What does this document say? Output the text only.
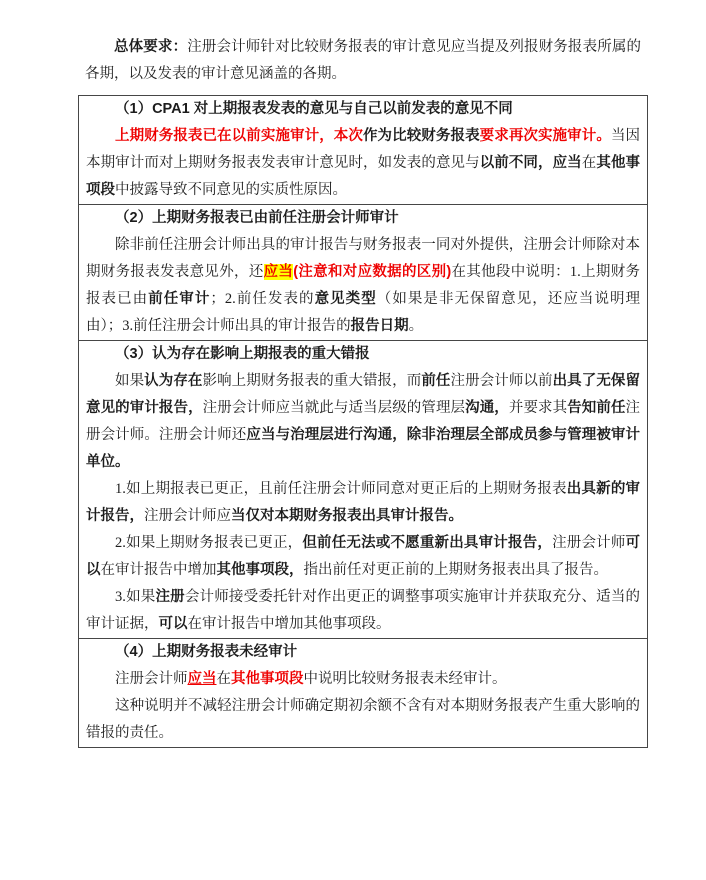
总体要求：注册会计师针对比较财务报表的审计意见应当提及列报财务报表所属的各期，以及发表的审计意见涵盖的各期。

（1）CPA1 对上期报表发表的意见与自己以前发表的意见不同

上期财务报表已在以前实施审计，本次作为比较财务报表要求再次实施审计。当因本期审计而对上期财务报表发表审计意见时，如发表的意见与以前不同，应当在其他事项段中披露导致不同意见的实质性原因。

（2）上期财务报表已由前任注册会计师审计

除非前任注册会计师出具的审计报告与财务报表一同对外提供，注册会计师除对本期财务报表发表意见外，还应当(注意和对应数据的区别)在其他段中说明：1.上期财务报表已由前任审计；2.前任发表的意见类型（如果是非无保留意见，还应当说明理由）；3.前任注册会计师出具的审计报告的报告日期。

（3）认为存在影响上期报表的重大错报

如果认为存在影响上期财务报表的重大错报，而前任注册会计师以前出具了无保留意见的审计报告，注册会计师应当就此与适当层级的管理层沟通，并要求其告知前任注册会计师。注册会计师还应当与治理层进行沟通，除非治理层全部成员参与管理被审计单位。

1.如上期报表已更正，且前任注册会计师同意对更正后的上期财务报表出具新的审计报告，注册会计师应当仅对本期财务报表出具审计报告。

2.如果上期财务报表已更正，但前任无法或不愿重新出具审计报告，注册会计师可以在审计报告中增加其他事项段，指出前任对更正前的上期财务报表出具了报告。

3.如果注册会计师接受委托针对作出更正的调整事项实施审计并获取充分、适当的审计证据，可以在审计报告中增加其他事项段。

（4）上期财务报表未经审计

注册会计师应当在其他事项段中说明比较财务报表未经审计。

这种说明并不减轻注册会计师确定期初余额不含有对本期财务报表产生重大影响的错报的责任。
